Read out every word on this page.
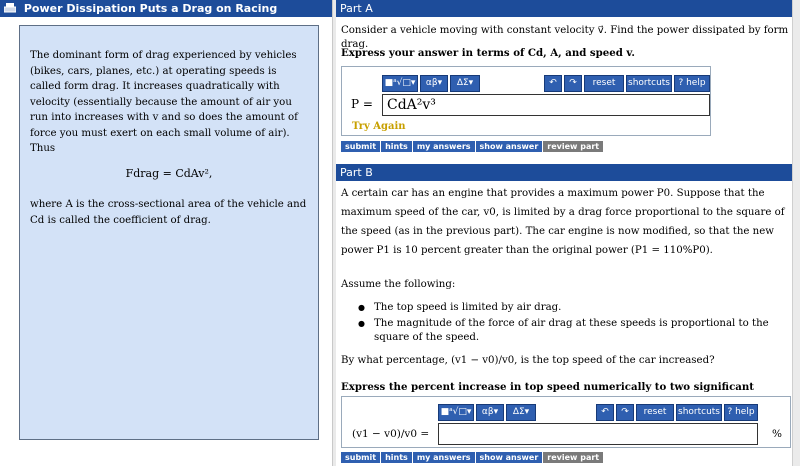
Power Dissipation Puts a Drag on Racing

The dominant form of drag experienced by vehicles (bikes, cars, planes, etc.) at operating speeds is called form drag. It increases quadratically with velocity (essentially because the amount of air you run into increases with v and so does the amount of force you must exert on each small volume of air). Thus

Fdrag = CdAv²,

where A is the cross-sectional area of the vehicle and Cd is called the coefficient of drag.

Part A
Consider a vehicle moving with constant velocity v⃗. Find the power dissipated by form drag.
Express your answer in terms of Cd, A, and speed v.
■ᵃ√□▾	αβ▾	ΔΣ▾	↶	↷	reset	shortcuts ? help
P =	CdA²v³
Try Again
submit hints my answers show answer review part
Part B
A certain car has an engine that provides a maximum power P0. Suppose that the maximum speed of the car, v0, is limited by a drag force proportional to the square of the speed (as in the previous part). The car engine is now modified, so that the new power P1 is 10 percent greater than the original power (P1 = 110%P0).
Assume the following:
● The top speed is limited by air drag.
● The magnitude of the force of air drag at these speeds is proportional to the square of the speed.
By what percentage, (v1 − v0)/v0, is the top speed of the car increased?
Express the percent increase in top speed numerically to two significant
■ᵃ√□▾	αβ▾	ΔΣ▾	↶	↷	reset	shortcuts ? help
(v1 − v0)/v0 =	%
submit hints my answers show answer review part
